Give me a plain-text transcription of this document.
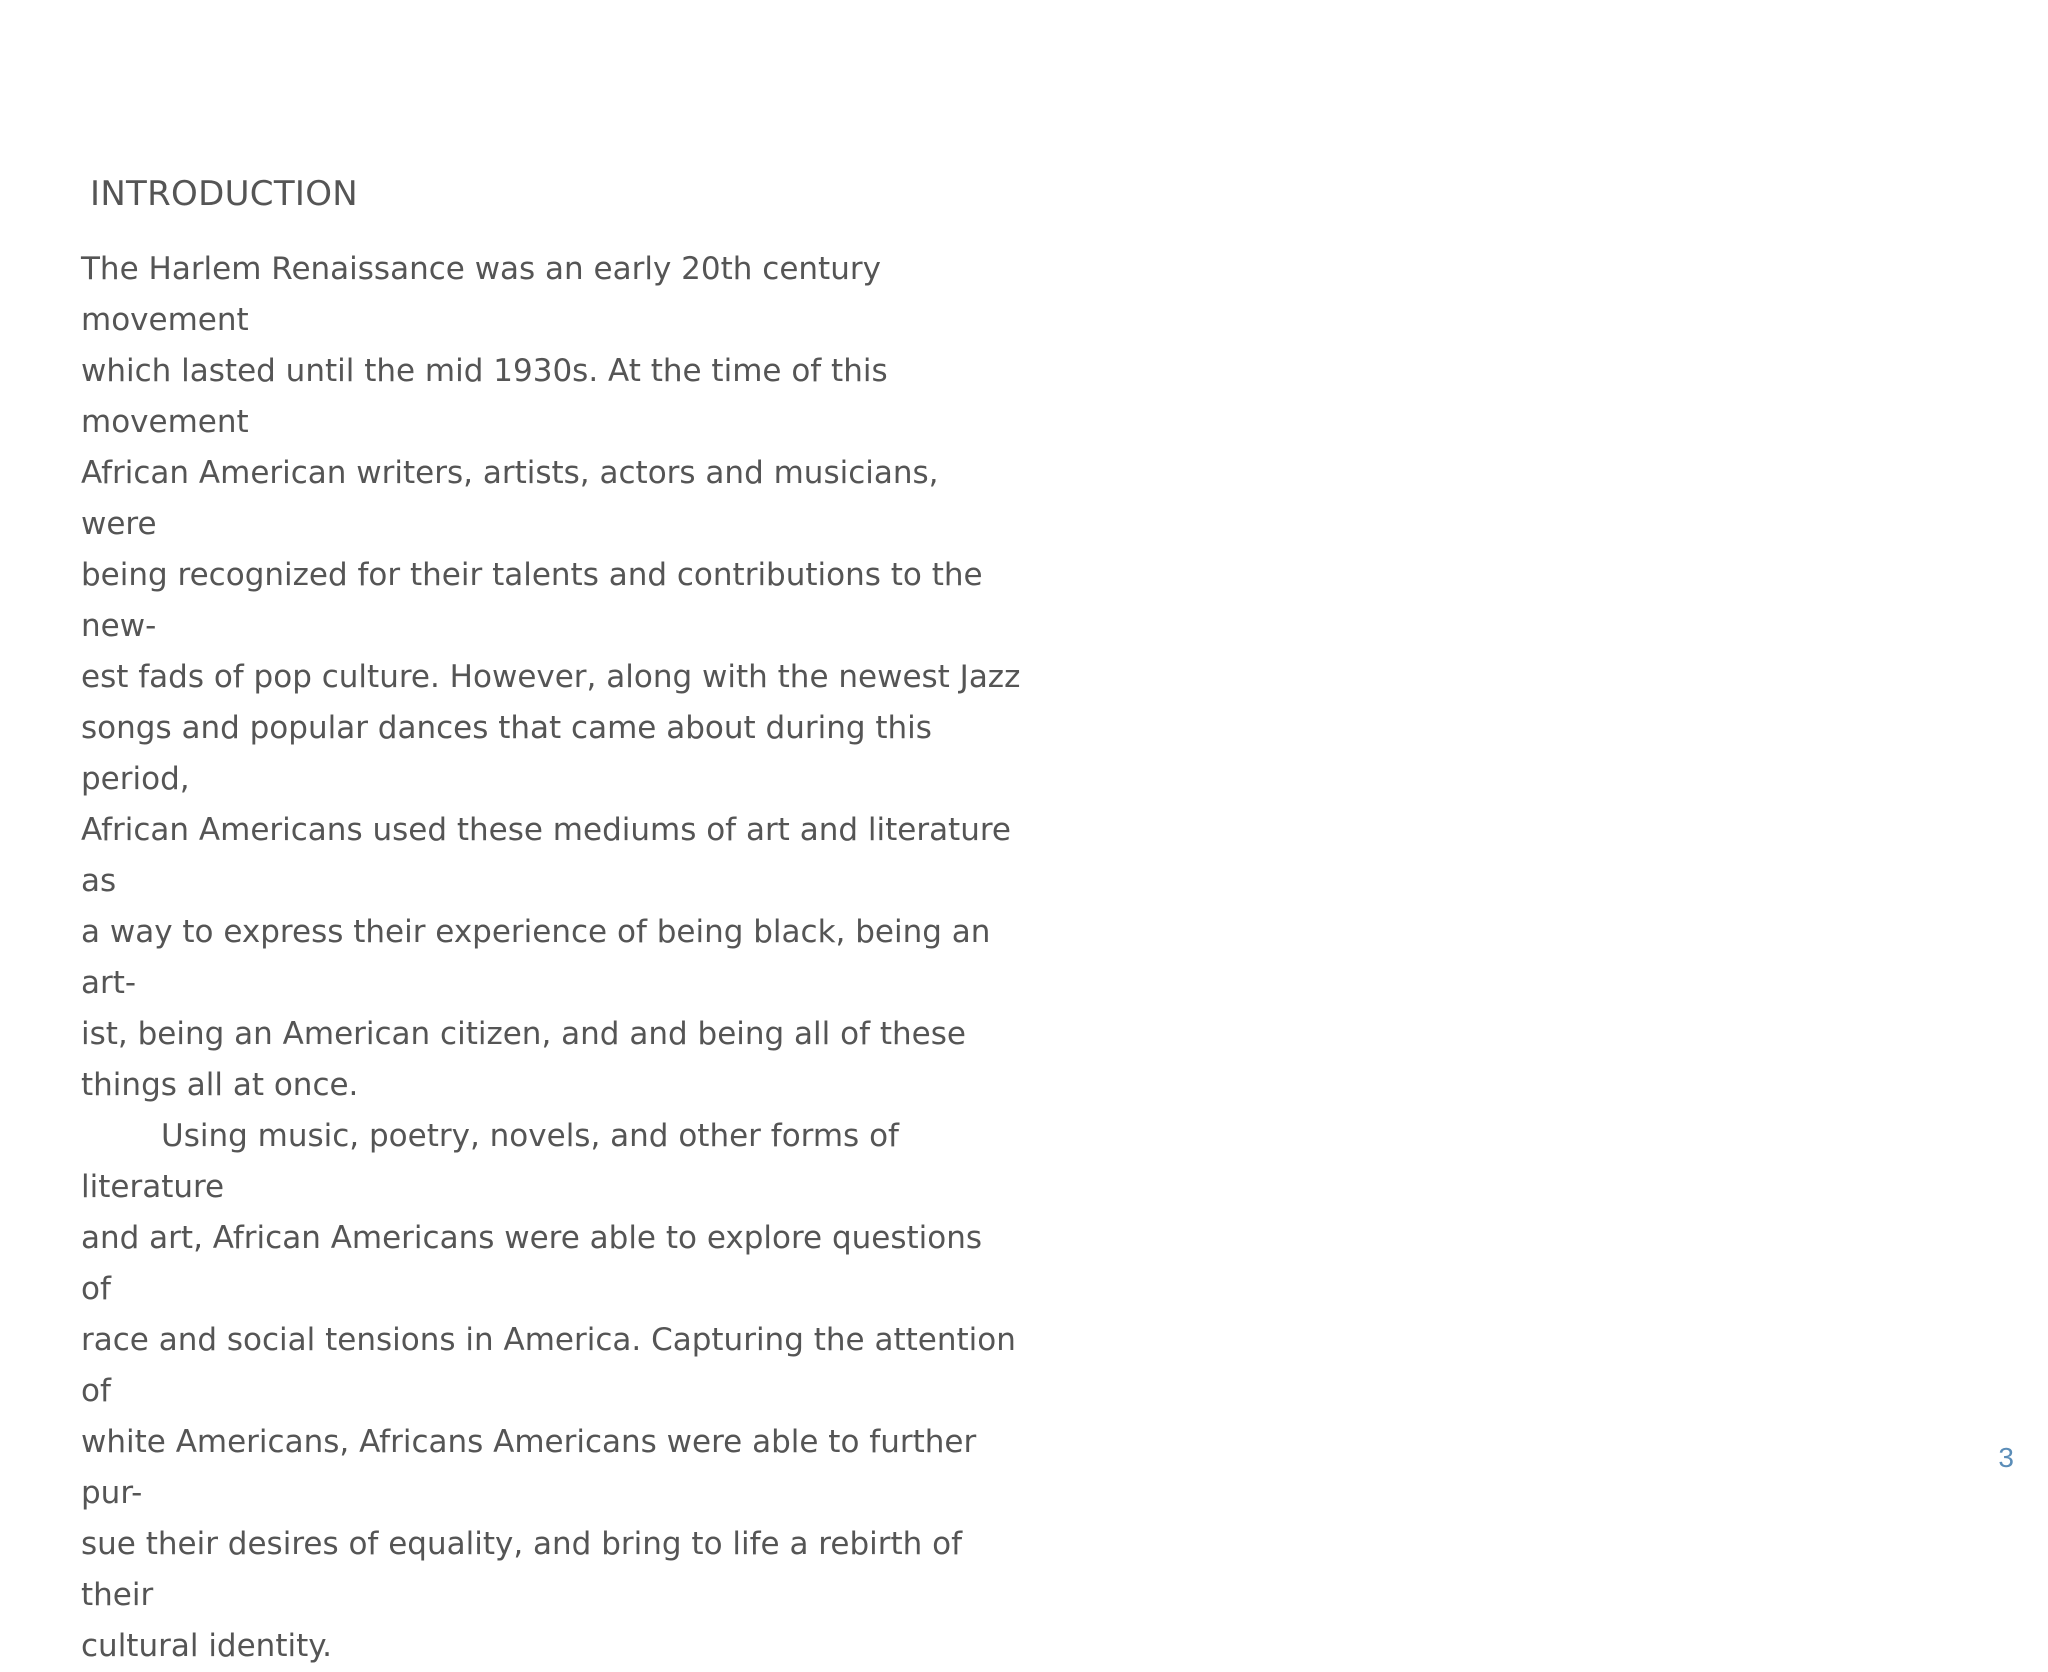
INTRODUCTION

The Harlem Renaissance was an early 20th century movement
which lasted until the mid 1930s. At the time of this movement
African American writers, artists, actors and musicians, were
being recognized for their talents and contributions to the new-
est fads of pop culture. However, along with the newest Jazz
songs and popular dances that came about during this period,
African Americans used these mediums of art and literature as
a way to express their experience of being black, being an art-
ist, being an American citizen, and and being all of these
things all at once.

Using music, poetry, novels, and other forms of literature
and art, African Americans were able to explore questions of
race and social tensions in America. Capturing the attention of
white Americans, Africans Americans were able to further pur-
sue their desires of equality, and bring to life a rebirth of their
cultural identity.

3
